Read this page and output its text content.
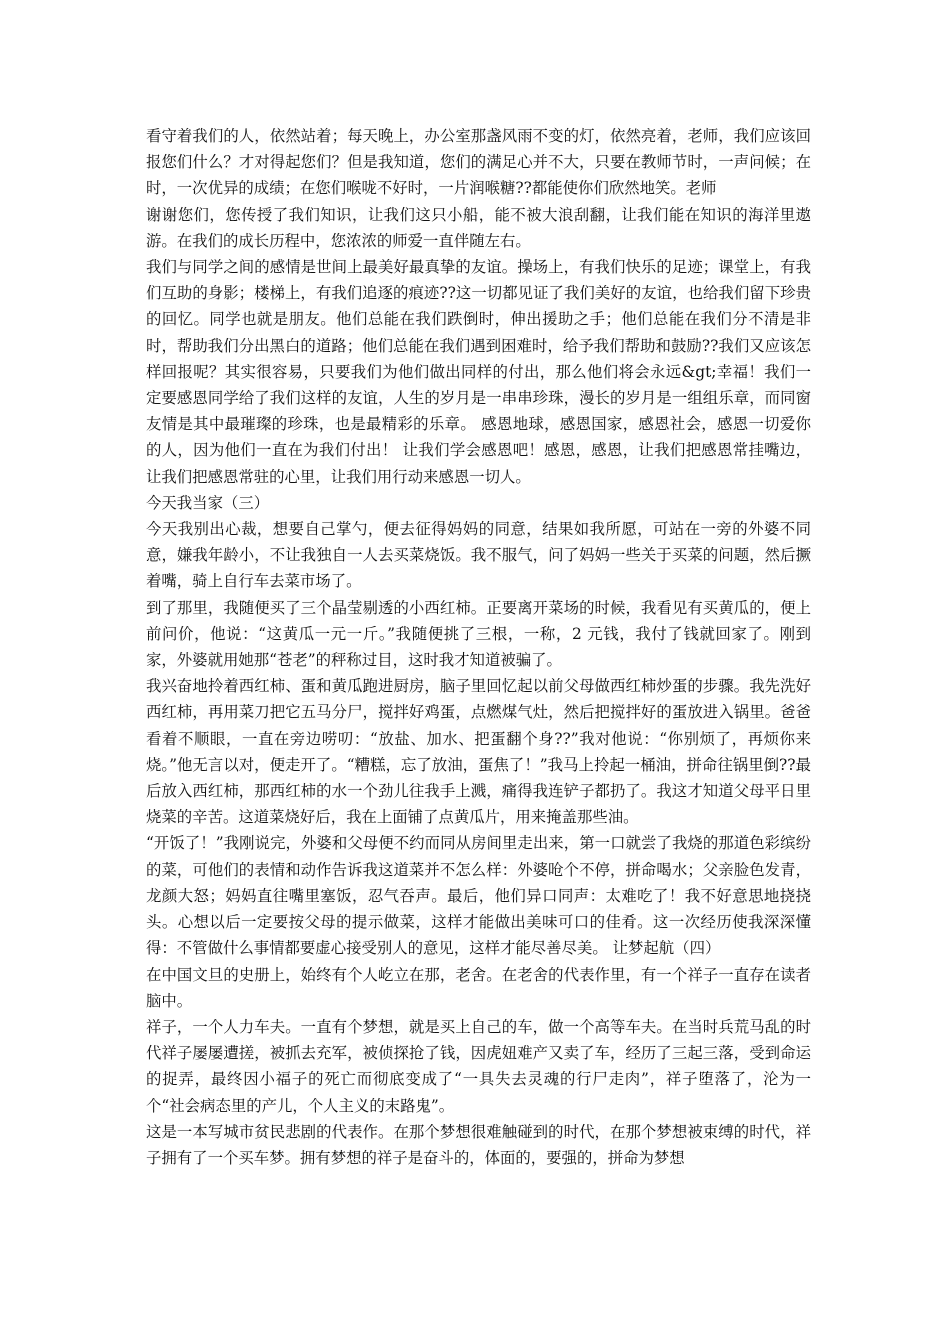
看守着我们的人，依然站着；每天晚上，办公室那盏风雨不变的灯，依然亮着，老师，我们应该回报您们什么？才对得起您们？但是我知道，您们的满足心并不大，只要在教师节时，一声问候；在时，一次优异的成绩；在您们喉咙不好时，一片润喉糖??都能使你们欣然地笑。老师

谢谢您们，您传授了我们知识，让我们这只小船，能不被大浪刮翻，让我们能在知识的海洋里遨游。在我们的成长历程中，您浓浓的师爱一直伴随左右。

我们与同学之间的感情是世间上最美好最真挚的友谊。操场上，有我们快乐的足迹；课堂上，有我们互助的身影；楼梯上，有我们追逐的痕迹??这一切都见证了我们美好的友谊，也给我们留下珍贵的回忆。同学也就是朋友。他们总能在我们跌倒时，伸出援助之手；他们总能在我们分不清是非时，帮助我们分出黑白的道路；他们总能在我们遇到困难时，给予我们帮助和鼓励??我们又应该怎样回报呢？其实很容易，只要我们为他们做出同样的付出，那么他们将会永远&gt;幸福！我们一定要感恩同学给了我们这样的友谊，人生的岁月是一串串珍珠，漫长的岁月是一组组乐章，而同窗友情是其中最璀璨的珍珠，也是最精彩的乐章。 感恩地球，感恩国家，感恩社会，感恩一切爱你的人，因为他们一直在为我们付出！ 让我们学会感恩吧！感恩，感恩，让我们把感恩常挂嘴边，让我们把感恩常驻的心里，让我们用行动来感恩一切人。

今天我当家（三）

今天我别出心裁，想要自己掌勺，便去征得妈妈的同意，结果如我所愿，可站在一旁的外婆不同意，嫌我年龄小，不让我独自一人去买菜烧饭。我不服气，问了妈妈一些关于买菜的问题，然后撅着嘴，骑上自行车去菜市场了。

到了那里，我随便买了三个晶莹剔透的小西红柿。正要离开菜场的时候，我看见有买黄瓜的，便上前问价，他说：“这黄瓜一元一斤。”我随便挑了三根，一称，2 元钱，我付了钱就回家了。刚到家，外婆就用她那“苍老”的秤称过目，这时我才知道被骗了。

我兴奋地拎着西红柿、蛋和黄瓜跑进厨房，脑子里回忆起以前父母做西红柿炒蛋的步骤。我先洗好西红柿，再用菜刀把它五马分尸，搅拌好鸡蛋，点燃煤气灶，然后把搅拌好的蛋放进入锅里。爸爸看着不顺眼，一直在旁边唠叨：“放盐、加水、把蛋翻个身??”我对他说：“你别烦了，再烦你来烧。”他无言以对，便走开了。“糟糕，忘了放油，蛋焦了！”我马上拎起一桶油，拼命往锅里倒??最后放入西红柿，那西红柿的水一个劲儿往我手上溅，痛得我连铲子都扔了。我这才知道父母平日里烧菜的辛苦。这道菜烧好后，我在上面铺了点黄瓜片，用来掩盖那些油。

“开饭了！”我刚说完，外婆和父母便不约而同从房间里走出来，第一口就尝了我烧的那道色彩缤纷的菜，可他们的表情和动作告诉我这道菜并不怎么样：外婆呛个不停，拼命喝水；父亲脸色发青，龙颜大怒；妈妈直往嘴里塞饭，忍气吞声。最后，他们异口同声：太难吃了！我不好意思地挠挠头。心想以后一定要按父母的提示做菜，这样才能做出美味可口的佳肴。这一次经历使我深深懂得：不管做什么事情都要虚心接受别人的意见，这样才能尽善尽美。 让梦起航（四）

在中国文旦的史册上，始终有个人屹立在那，老舍。在老舍的代表作里，有一个祥子一直存在读者脑中。

祥子，一个人力车夫。一直有个梦想，就是买上自己的车，做一个高等车夫。在当时兵荒马乱的时代祥子屡屡遭搓，被抓去充军，被侦探抢了钱，因虎妞难产又卖了车，经历了三起三落，受到命运的捉弄，最终因小福子的死亡而彻底变成了“一具失去灵魂的行尸走肉”，祥子堕落了，沦为一个“社会病态里的产儿，个人主义的末路鬼”。

这是一本写城市贫民悲剧的代表作。在那个梦想很难触碰到的时代，在那个梦想被束缚的时代，祥子拥有了一个买车梦。拥有梦想的祥子是奋斗的，体面的，要强的，拼命为梦想
